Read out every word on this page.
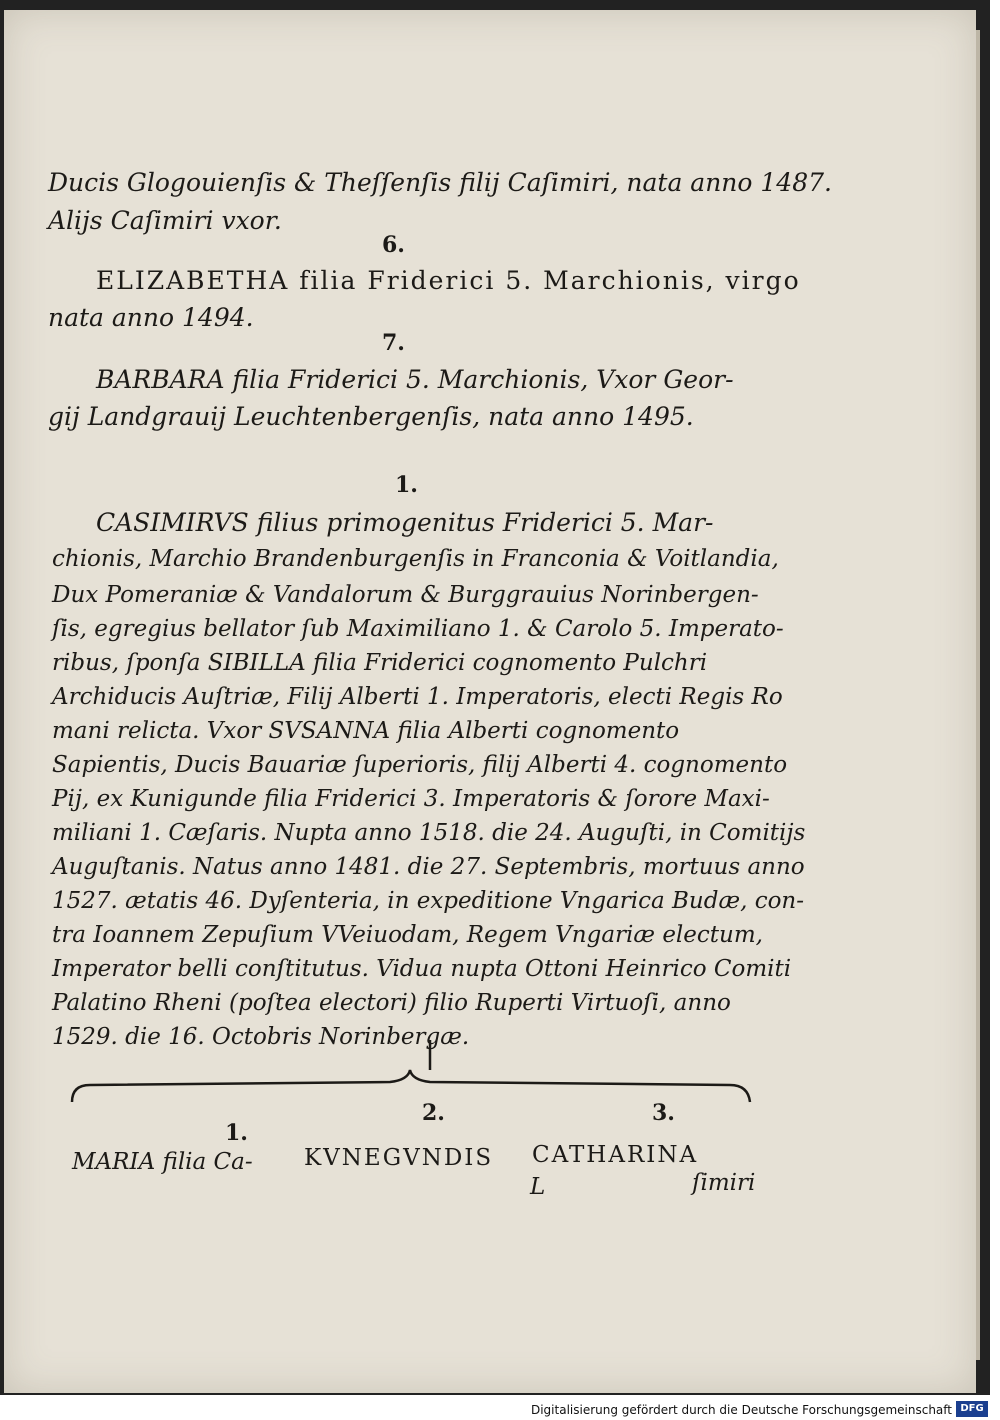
Ducis Glogouienſis & Theſſenſis filij Caſimiri, nata anno 1487.
Alijs Caſimiri vxor.
6.
ELIZABETHA filia Friderici 5. Marchionis, virgo
nata anno 1494.
7.
BARBARA filia Friderici 5. Marchionis, Vxor Geor-
gij Landgrauij Leuchtenbergenſis, nata anno 1495.
1.
CASIMIRVS filius primogenitus Friderici 5. Mar-
chionis, Marchio Brandenburgenſis in Franconia & Voitlandia,
Dux Pomeraniæ & Vandalorum & Burggrauius Norinbergen-
ſis, egregius bellator ſub Maximiliano 1. & Carolo 5. Imperato-
ribus, ſponſa SIBILLA filia Friderici cognomento Pulchri
Archiducis Auſtriæ, Filij Alberti 1. Imperatoris, electi Regis Ro
mani relicta. Vxor SVSANNA filia Alberti cognomento
Sapientis, Ducis Bauariæ ſuperioris, filij Alberti 4. cognomento
Pij, ex Kunigunde filia Friderici 3. Imperatoris & ſorore Maxi-
miliani 1. Cæſaris. Nupta anno 1518. die 24. Auguſti, in Comitijs
Auguſtanis. Natus anno 1481. die 27. Septembris, mortuus anno
1527. ætatis 46. Dyſenteria, in expeditione Vngarica Budæ, con-
tra Ioannem Zepuſium VVeiuodam, Regem Vngariæ electum,
Imperator belli conſtitutus. Vidua nupta Ottoni Heinrico Comiti
Palatino Rheni (poſtea electori) filio Ruperti Virtuoſi, anno
1529. die 16. Octobris Norinbergæ.
1.
2.	3.
MARIA filia Ca- KVNEGVNDIS CATHARINA
L	ſimiri
Digitalisierung gefördert durch die Deutsche Forschungsgemeinschaft DFG
